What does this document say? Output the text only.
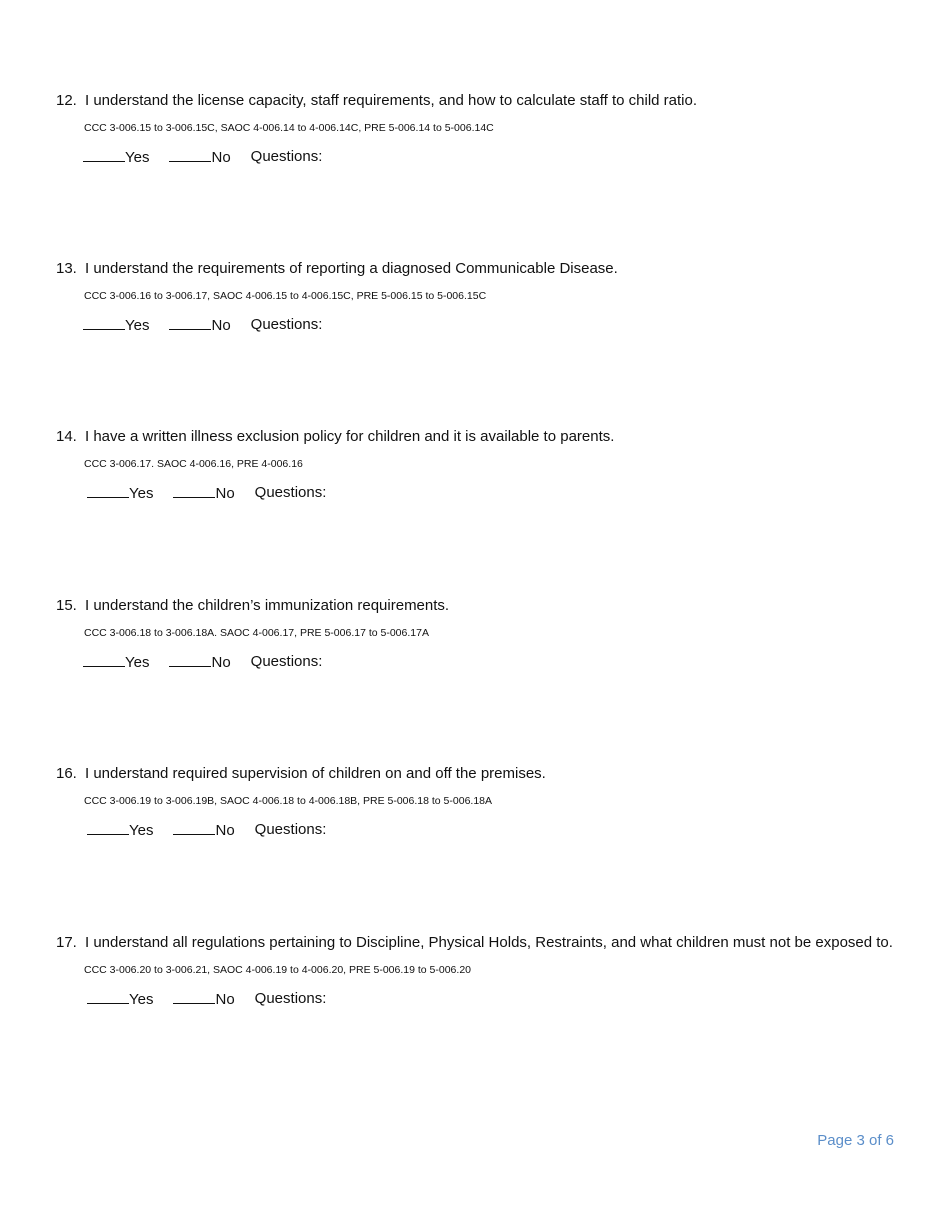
12. I understand the license capacity, staff requirements, and how to calculate staff to child ratio.
CCC 3-006.15 to 3-006.15C, SAOC 4-006.14 to 4-006.14C, PRE 5-006.14 to 5-006.14C
Yes	No Questions:
13. I understand the requirements of reporting a diagnosed Communicable Disease.
CCC 3-006.16 to 3-006.17, SAOC 4-006.15 to 4-006.15C, PRE 5-006.15 to 5-006.15C
Yes	No Questions:
14. I have a written illness exclusion policy for children and it is available to parents.
CCC 3-006.17. SAOC 4-006.16, PRE 4-006.16
Yes	No Questions:
15. I understand the children’s immunization requirements.
CCC 3-006.18 to 3-006.18A. SAOC 4-006.17, PRE 5-006.17 to 5-006.17A
Yes	No Questions:
16. I understand required supervision of children on and off the premises.
CCC 3-006.19 to 3-006.19B, SAOC 4-006.18 to 4-006.18B, PRE 5-006.18 to 5-006.18A
Yes	No Questions:
17. I understand all regulations pertaining to Discipline, Physical Holds, Restraints, and what children must not be exposed to.
CCC 3-006.20 to 3-006.21, SAOC 4-006.19 to 4-006.20, PRE 5-006.19 to 5-006.20
Yes	No Questions:
Page 3 of 6
